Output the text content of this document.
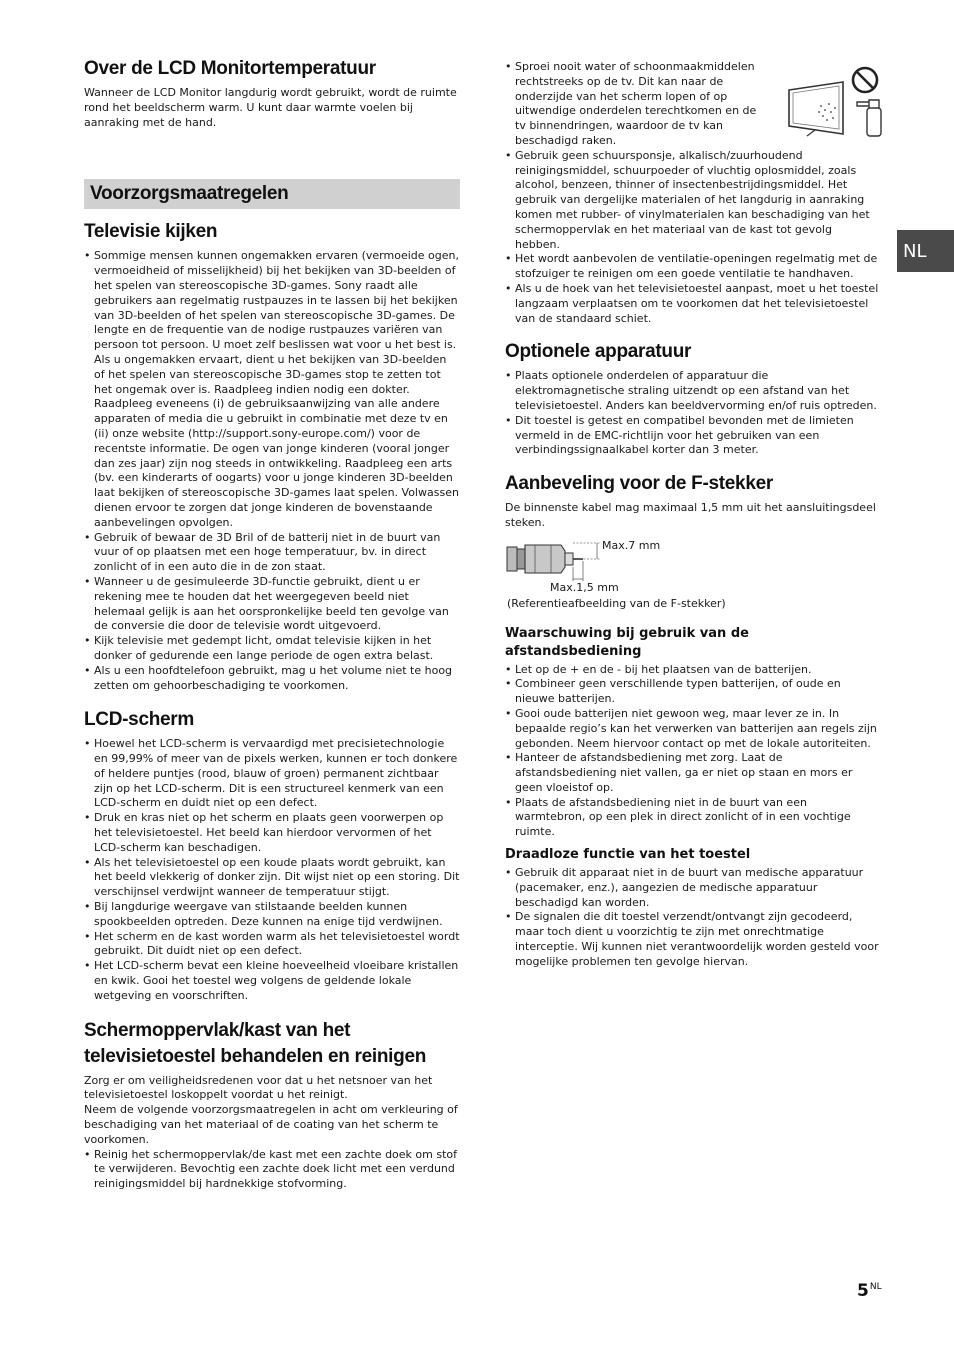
NL
Over de LCD Monitortemperatuur

Wanneer de LCD Monitor langdurig wordt gebruikt, wordt de ruimte rond het beeldscherm warm. U kunt daar warmte voelen bij aanraking met de hand.

Voorzorgsmaatregelen
Televisie kijken
• Sommige mensen kunnen ongemakken ervaren (vermoeide ogen, vermoeidheid of misselijkheid) bij het bekijken van 3D-beelden of het spelen van stereoscopische 3D-games. Sony raadt alle gebruikers aan regelmatig rustpauzes in te lassen bij het bekijken van 3D-beelden of het spelen van stereoscopische 3D-games. De lengte en de frequentie van de nodige rustpauzes variëren van persoon tot persoon. U moet zelf beslissen wat voor u het best is. Als u ongemakken ervaart, dient u het bekijken van 3D-beelden of het spelen van stereoscopische 3D-games stop te zetten tot het ongemak over is. Raadpleeg indien nodig een dokter. Raadpleeg eveneens (i) de gebruiksaanwijzing van alle andere apparaten of media die u gebruikt in combinatie met deze tv en (ii) onze website (http://support.sony-europe.com/) voor de recentste informatie. De ogen van jonge kinderen (vooral jonger dan zes jaar) zijn nog steeds in ontwikkeling. Raadpleeg een arts (bv. een kinderarts of oogarts) voor u jonge kinderen 3D-beelden laat bekijken of stereoscopische 3D-games laat spelen. Volwassen dienen ervoor te zorgen dat jonge kinderen de bovenstaande aanbevelingen opvolgen.
• Gebruik of bewaar de 3D Bril of de batterij niet in de buurt van vuur of op plaatsen met een hoge temperatuur, bv. in direct zonlicht of in een auto die in de zon staat.
• Wanneer u de gesimuleerde 3D-functie gebruikt, dient u er rekening mee te houden dat het weergegeven beeld niet helemaal gelijk is aan het oorspronkelijke beeld ten gevolge van de conversie die door de televisie wordt uitgevoerd.
• Kijk televisie met gedempt licht, omdat televisie kijken in het donker of gedurende een lange periode de ogen extra belast.
• Als u een hoofdtelefoon gebruikt, mag u het volume niet te hoog zetten om gehoorbeschadiging te voorkomen.
LCD-scherm
• Hoewel het LCD-scherm is vervaardigd met precisietechnologie en 99,99% of meer van de pixels werken, kunnen er toch donkere of heldere puntjes (rood, blauw of groen) permanent zichtbaar zijn op het LCD-scherm. Dit is een structureel kenmerk van een LCD-scherm en duidt niet op een defect.
• Druk en kras niet op het scherm en plaats geen voorwerpen op het televisietoestel. Het beeld kan hierdoor vervormen of het LCD-scherm kan beschadigen.
• Als het televisietoestel op een koude plaats wordt gebruikt, kan het beeld vlekkerig of donker zijn. Dit wijst niet op een storing. Dit verschijnsel verdwijnt wanneer de temperatuur stijgt.
• Bij langdurige weergave van stilstaande beelden kunnen spookbeelden optreden. Deze kunnen na enige tijd verdwijnen.
• Het scherm en de kast worden warm als het televisietoestel wordt gebruikt. Dit duidt niet op een defect.
• Het LCD-scherm bevat een kleine hoeveelheid vloeibare kristallen en kwik. Gooi het toestel weg volgens de geldende lokale wetgeving en voorschriften.
Schermoppervlak/kast van het
televisietoestel behandelen en reinigen

Zorg er om veiligheidsredenen voor dat u het netsnoer van het televisietoestel loskoppelt voordat u het reinigt.

Neem de volgende voorzorgsmaatregelen in acht om verkleuring of beschadiging van het materiaal of de coating van het scherm te voorkomen.

• Reinig het schermoppervlak/de kast met een zachte doek om stof te verwijderen. Bevochtig een zachte doek licht met een verdund reinigingsmiddel bij hardnekkige stofvorming.
• Sproei nooit water of schoonmaakmiddelen rechtstreeks op de tv. Dit kan naar de onderzijde van het scherm lopen of op uitwendige onderdelen terechtkomen en de tv binnendringen, waardoor de tv kan beschadigd raken.
• Gebruik geen schuursponsje, alkalisch/zuurhoudend reinigingsmiddel, schuurpoeder of vluchtig oplosmiddel, zoals alcohol, benzeen, thinner of insectenbestrijdingsmiddel. Het gebruik van dergelijke materialen of het langdurig in aanraking komen met rubber- of vinylmaterialen kan beschadiging van het schermoppervlak en het materiaal van de kast tot gevolg hebben.
• Het wordt aanbevolen de ventilatie-openingen regelmatig met de stofzuiger te reinigen om een goede ventilatie te handhaven.
• Als u de hoek van het televisietoestel aanpast, moet u het toestel langzaam verplaatsen om te voorkomen dat het televisietoestel van de standaard schiet.
Optionele apparatuur
• Plaats optionele onderdelen of apparatuur die elektromagnetische straling uitzendt op een afstand van het televisietoestel. Anders kan beeldvervorming en/of ruis optreden.
• Dit toestel is getest en compatibel bevonden met de limieten vermeld in de EMC-richtlijn voor het gebruiken van een verbindingssignaalkabel korter dan 3 meter.
Aanbeveling voor de F-stekker

De binnenste kabel mag maximaal 1,5 mm uit het aansluitingsdeel steken.

Max.7 mm
Max.1,5 mm

(Referentieafbeelding van de F-stekker)

Waarschuwing bij gebruik van de
afstandsbediening
• Let op de + en de - bij het plaatsen van de batterijen.
• Combineer geen verschillende typen batterijen, of oude en nieuwe batterijen.
• Gooi oude batterijen niet gewoon weg, maar lever ze in. In bepaalde regio’s kan het verwerken van batterijen aan regels zijn gebonden. Neem hiervoor contact op met de lokale autoriteiten.
• Hanteer de afstandsbediening met zorg. Laat de afstandsbediening niet vallen, ga er niet op staan en mors er geen vloeistof op.
• Plaats de afstandsbediening niet in de buurt van een warmtebron, op een plek in direct zonlicht of in een vochtige ruimte.
Draadloze functie van het toestel
• Gebruik dit apparaat niet in de buurt van medische apparatuur (pacemaker, enz.), aangezien de medische apparatuur beschadigd kan worden.
• De signalen die dit toestel verzendt/ontvangt zijn gecodeerd, maar toch dient u voorzichtig te zijn met onrechtmatige interceptie. Wij kunnen niet verantwoordelijk worden gesteld voor mogelijke problemen ten gevolge hiervan.
$5^{NL}$
